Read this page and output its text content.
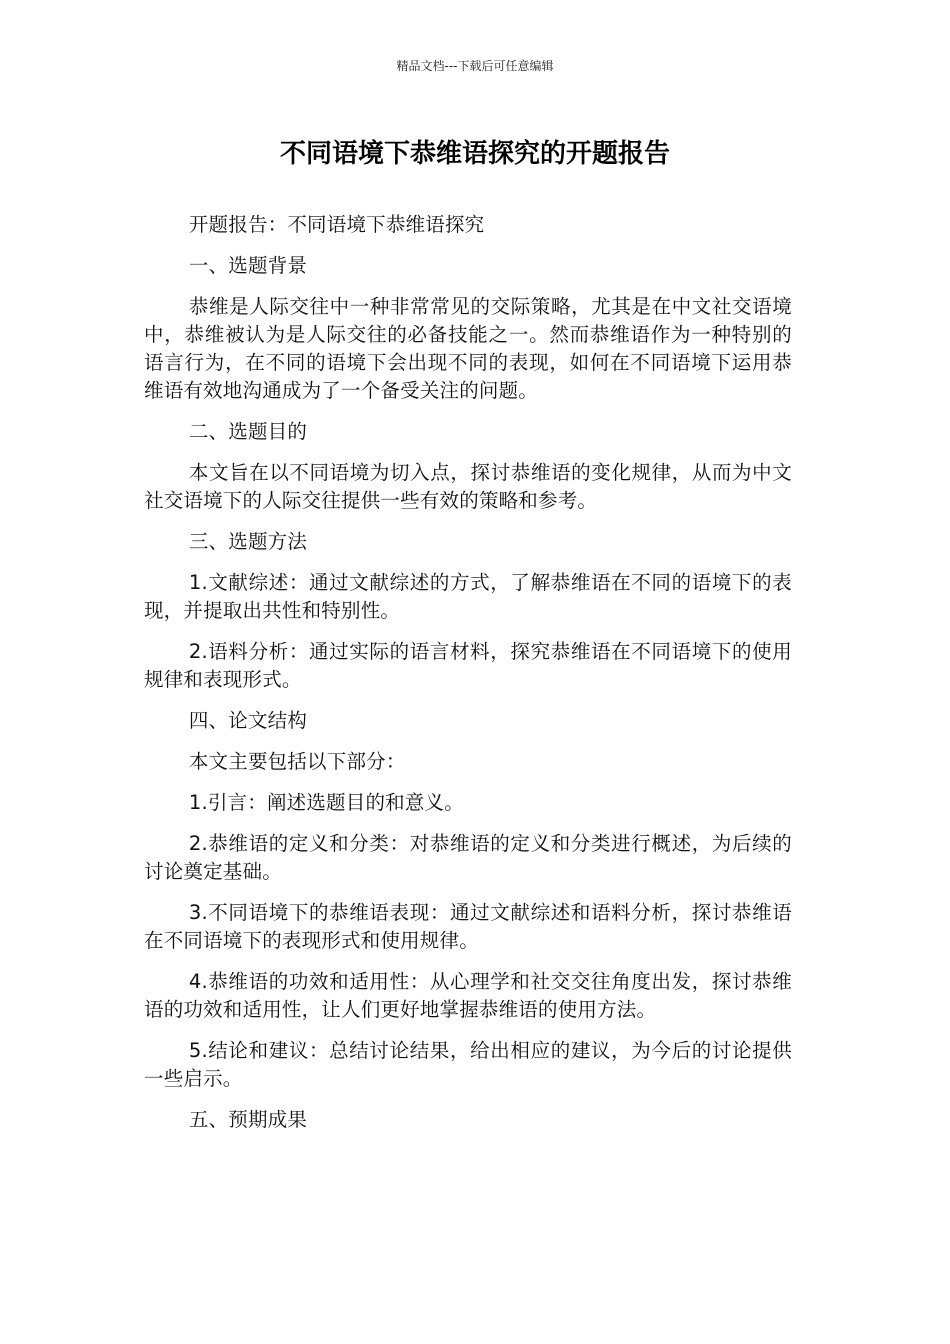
精品文档---下载后可任意编辑
不同语境下恭维语探究的开题报告

开题报告：不同语境下恭维语探究

一、选题背景

恭维是人际交往中一种非常常见的交际策略，尤其是在中文社交语境中，恭维被认为是人际交往的必备技能之一。然而恭维语作为一种特别的语言行为，在不同的语境下会出现不同的表现，如何在不同语境下运用恭维语有效地沟通成为了一个备受关注的问题。

二、选题目的

本文旨在以不同语境为切入点，探讨恭维语的变化规律，从而为中文社交语境下的人际交往提供一些有效的策略和参考。

三、选题方法

1.文献综述：通过文献综述的方式，了解恭维语在不同的语境下的表现，并提取出共性和特别性。

2.语料分析：通过实际的语言材料，探究恭维语在不同语境下的使用规律和表现形式。

四、论文结构

本文主要包括以下部分：

1.引言：阐述选题目的和意义。

2.恭维语的定义和分类：对恭维语的定义和分类进行概述，为后续的讨论奠定基础。

3.不同语境下的恭维语表现：通过文献综述和语料分析，探讨恭维语在不同语境下的表现形式和使用规律。

4.恭维语的功效和适用性：从心理学和社交交往角度出发，探讨恭维语的功效和适用性，让人们更好地掌握恭维语的使用方法。

5.结论和建议：总结讨论结果，给出相应的建议，为今后的讨论提供一些启示。

五、预期成果
